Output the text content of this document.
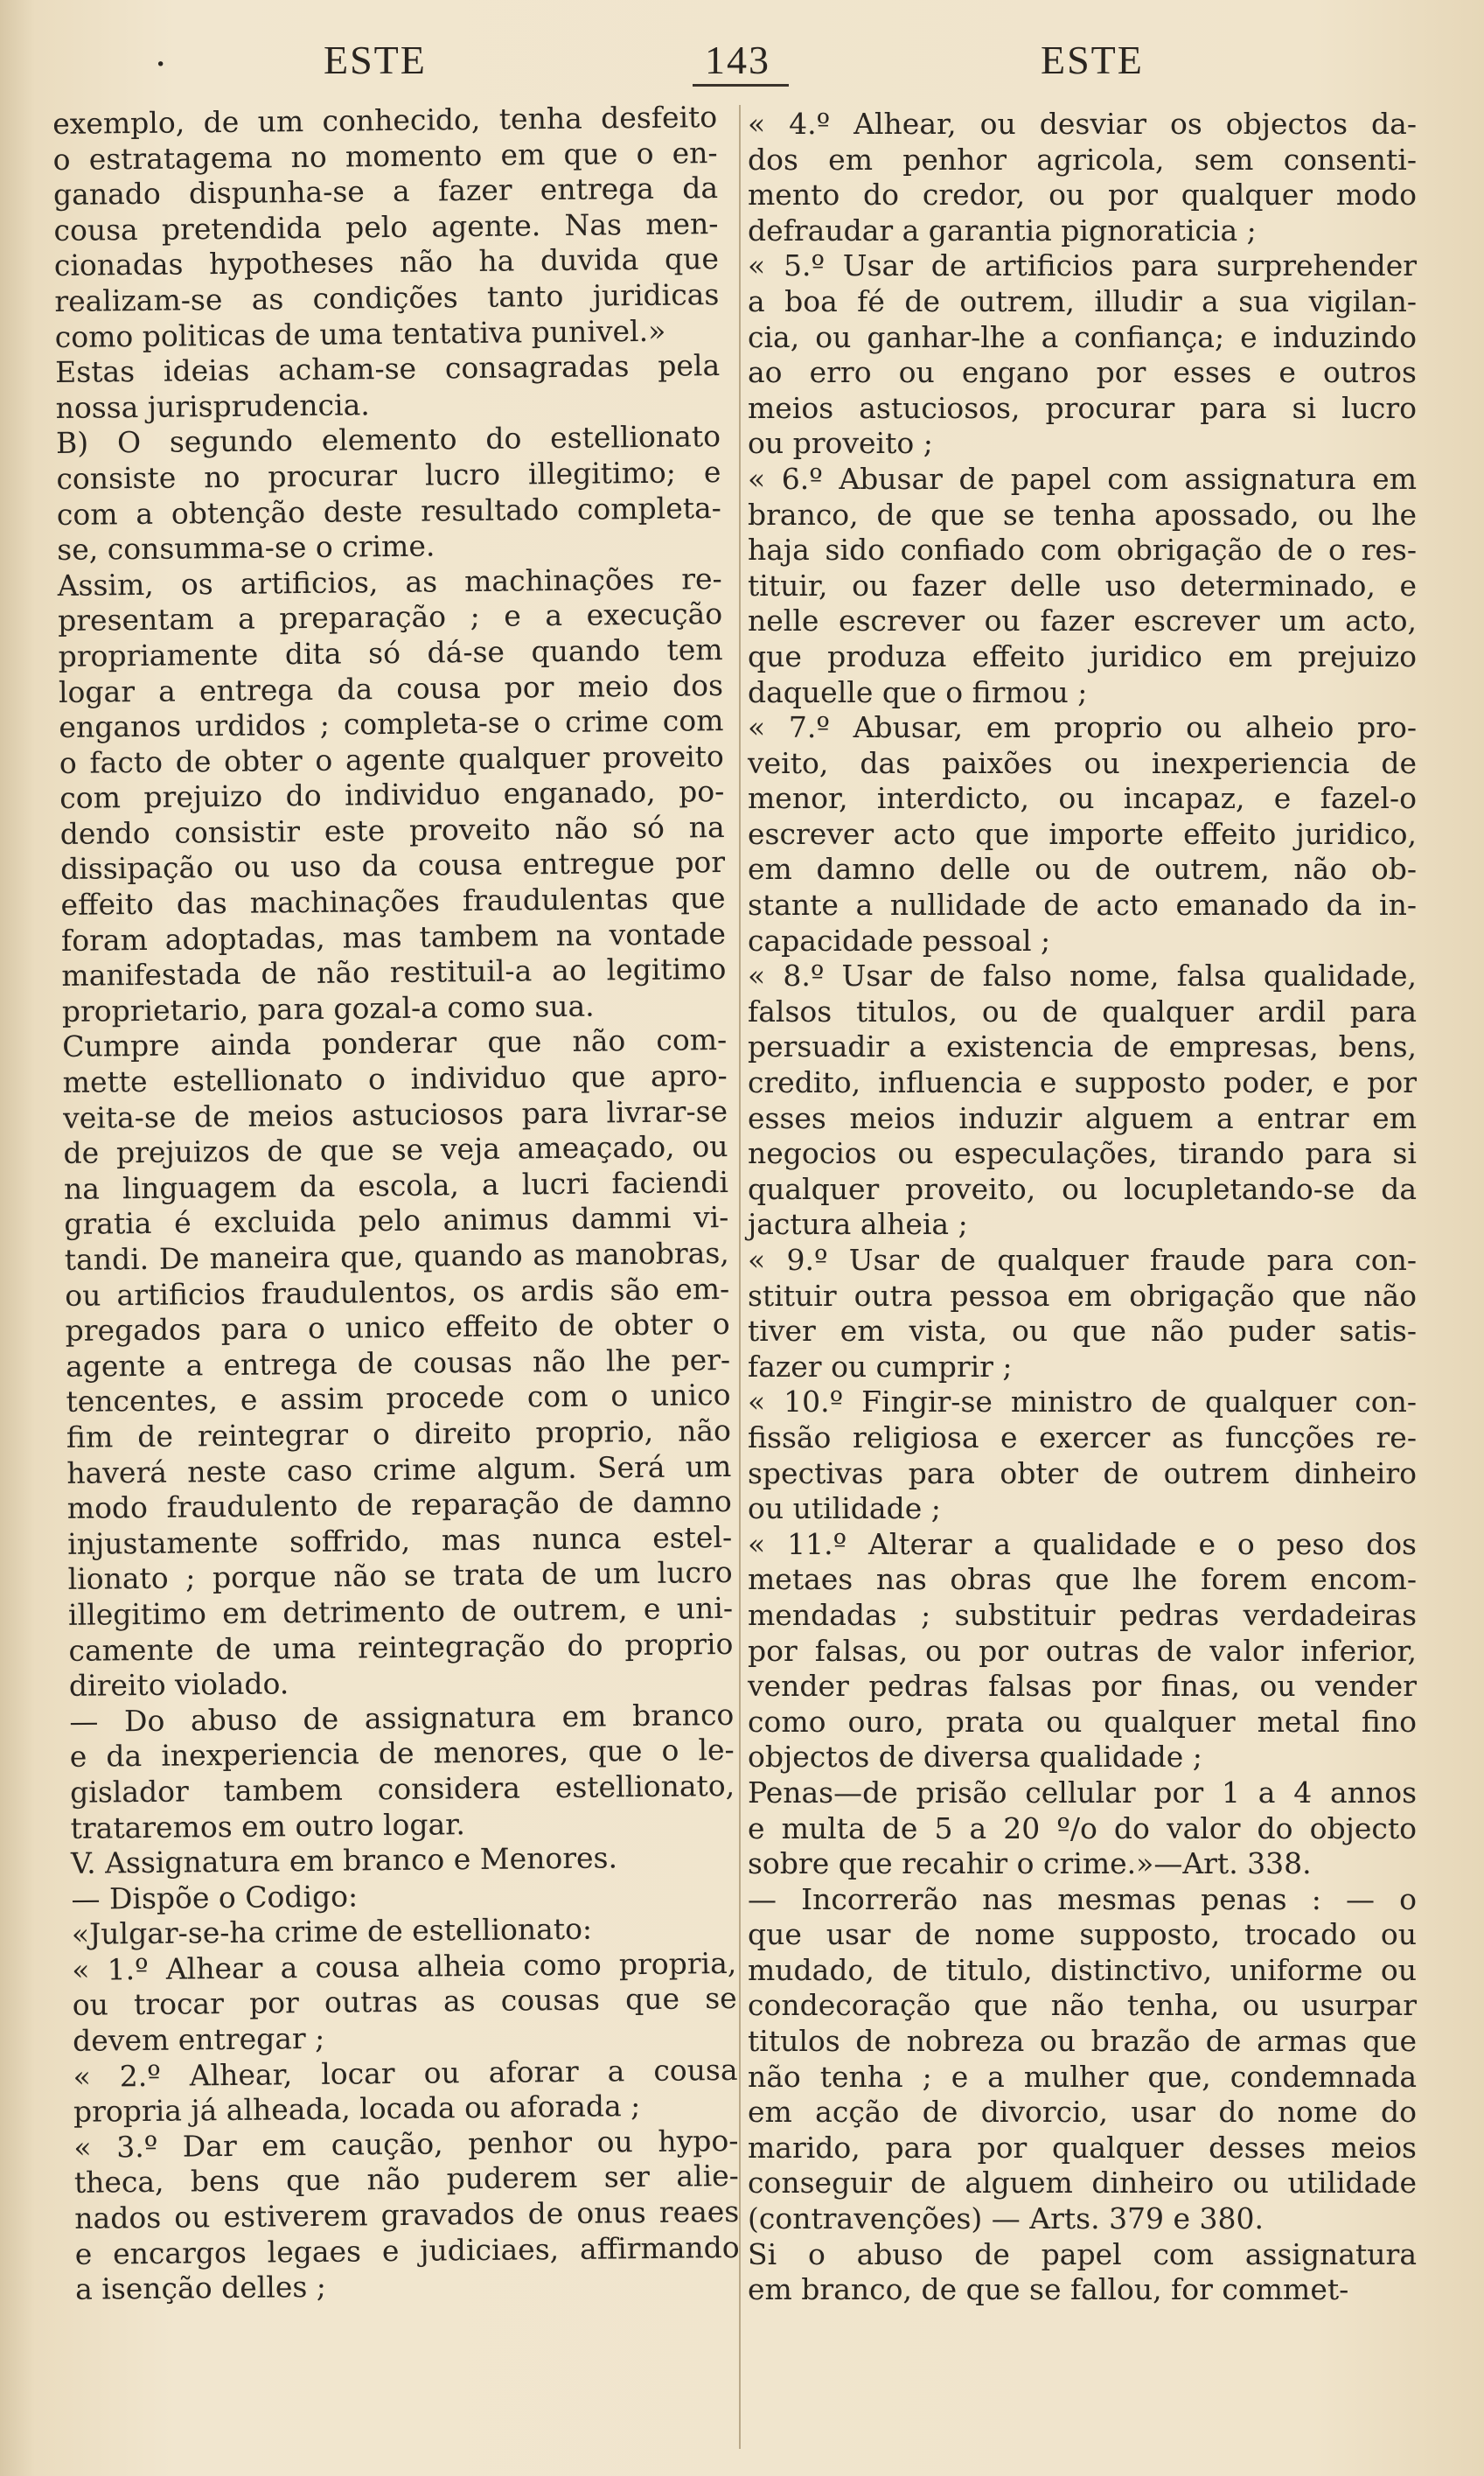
·	ESTE	143	ESTE
exemplo, de um conhecido, tenha desfeito
o estratagema no momento em que o en-
ganado dispunha-se a fazer entrega da
cousa pretendida pelo agente. Nas men-
cionadas hypotheses não ha duvida que
realizam-se as condições tanto juridicas
como politicas de uma tentativa punivel.»
Estas ideias acham-se consagradas pela
nossa jurisprudencia.
B) O segundo elemento do estellionato
consiste no procurar lucro illegitimo; e
com a obtenção deste resultado completa-
se, consumma-se o crime.
Assim, os artificios, as machinações re-
presentam a preparação ; e a execução
propriamente dita só dá-se quando tem
logar a entrega da cousa por meio dos
enganos urdidos ; completa-se o crime com
o facto de obter o agente qualquer proveito
com prejuizo do individuo enganado, po-
dendo consistir este proveito não só na
dissipação ou uso da cousa entregue por
effeito das machinações fraudulentas que
foram adoptadas, mas tambem na vontade
manifestada de não restituil-a ao legitimo
proprietario, para gozal-a como sua.
Cumpre ainda ponderar que não com-
mette estellionato o individuo que apro-
veita-se de meios astuciosos para livrar-se
de prejuizos de que se veja ameaçado, ou
na linguagem da escola, a lucri faciendi
gratia é excluida pelo animus dammi vi-
tandi. De maneira que, quando as manobras,
ou artificios fraudulentos, os ardis são em-
pregados para o unico effeito de obter o
agente a entrega de cousas não lhe per-
tencentes, e assim procede com o unico
fim de reintegrar o direito proprio, não
haverá neste caso crime algum. Será um
modo fraudulento de reparação de damno
injustamente soffrido, mas nunca estel-
lionato ; porque não se trata de um lucro
illegitimo em detrimento de outrem, e uni-
camente de uma reintegração do proprio
direito violado.
— Do abuso de assignatura em branco
e da inexperiencia de menores, que o le-
gislador tambem considera estellionato,
trataremos em outro logar.
V. Assignatura em branco e Menores.
— Dispõe o Codigo:
«Julgar-se-ha crime de estellionato:
« 1.º Alhear a cousa alheia como propria,
ou trocar por outras as cousas que se
devem entregar ;
« 2.º Alhear, locar ou aforar a cousa
propria já alheada, locada ou aforada ;
« 3.º Dar em caução, penhor ou hypo-
theca, bens que não puderem ser alie-
nados ou estiverem gravados de onus reaes
e encargos legaes e judiciaes, affirmando
a isenção delles ;
« 4.º Alhear, ou desviar os objectos da-
dos em penhor agricola, sem consenti-
mento do credor, ou por qualquer modo
defraudar a garantia pignoraticia ;
« 5.º Usar de artificios para surprehender
a boa fé de outrem, illudir a sua vigilan-
cia, ou ganhar-lhe a confiança; e induzindo
ao erro ou engano por esses e outros
meios astuciosos, procurar para si lucro
ou proveito ;
« 6.º Abusar de papel com assignatura em
branco, de que se tenha apossado, ou lhe
haja sido confiado com obrigação de o res-
tituir, ou fazer delle uso determinado, e
nelle escrever ou fazer escrever um acto,
que produza effeito juridico em prejuizo
daquelle que o firmou ;
« 7.º Abusar, em proprio ou alheio pro-
veito, das paixões ou inexperiencia de
menor, interdicto, ou incapaz, e fazel-o
escrever acto que importe effeito juridico,
em damno delle ou de outrem, não ob-
stante a nullidade de acto emanado da in-
capacidade pessoal ;
« 8.º Usar de falso nome, falsa qualidade,
falsos titulos, ou de qualquer ardil para
persuadir a existencia de empresas, bens,
credito, influencia e supposto poder, e por
esses meios induzir alguem a entrar em
negocios ou especulações, tirando para si
qualquer proveito, ou locupletando-se da
jactura alheia ;
« 9.º Usar de qualquer fraude para con-
stituir outra pessoa em obrigação que não
tiver em vista, ou que não puder satis-
fazer ou cumprir ;
« 10.º Fingir-se ministro de qualquer con-
fissão religiosa e exercer as funcções re-
spectivas para obter de outrem dinheiro
ou utilidade ;
« 11.º Alterar a qualidade e o peso dos
metaes nas obras que lhe forem encom-
mendadas ; substituir pedras verdadeiras
por falsas, ou por outras de valor inferior,
vender pedras falsas por finas, ou vender
como ouro, prata ou qualquer metal fino
objectos de diversa qualidade ;
Penas—de prisão cellular por 1 a 4 annos
e multa de 5 a 20 º/o do valor do objecto
sobre que recahir o crime.»—Art. 338.
— Incorrerão nas mesmas penas : — o
que usar de nome supposto, trocado ou
mudado, de titulo, distinctivo, uniforme ou
condecoração que não tenha, ou usurpar
titulos de nobreza ou brazão de armas que
não tenha ; e a mulher que, condemnada
em acção de divorcio, usar do nome do
marido, para por qualquer desses meios
conseguir de alguem dinheiro ou utilidade
(contravenções) — Arts. 379 e 380.
Si o abuso de papel com assignatura
em branco, de que se fallou, for commet-
